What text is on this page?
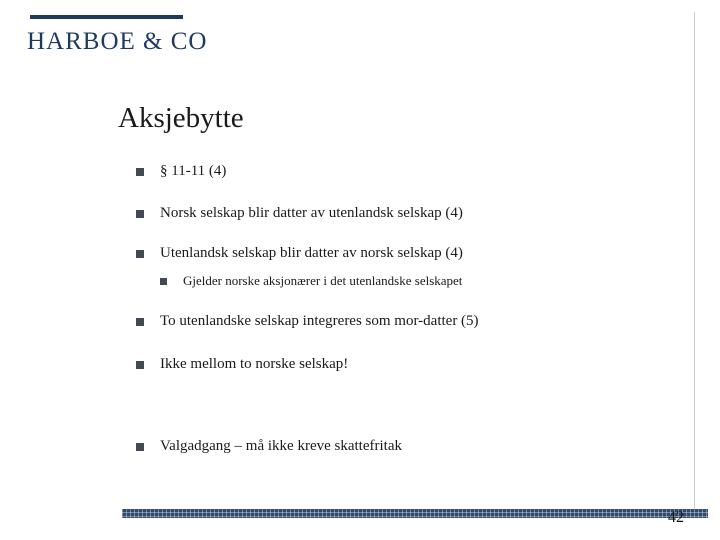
HARBOE & CO
Aksjebytte
§ 11-11 (4)
Norsk selskap blir datter av utenlandsk selskap (4)
Utenlandsk selskap blir datter av norsk selskap (4)
Gjelder norske aksjonærer i det utenlandske selskapet
To utenlandske selskap integreres som mor-datter (5)
Ikke mellom to norske selskap!
Valgadgang – må ikke kreve skattefritak
42
